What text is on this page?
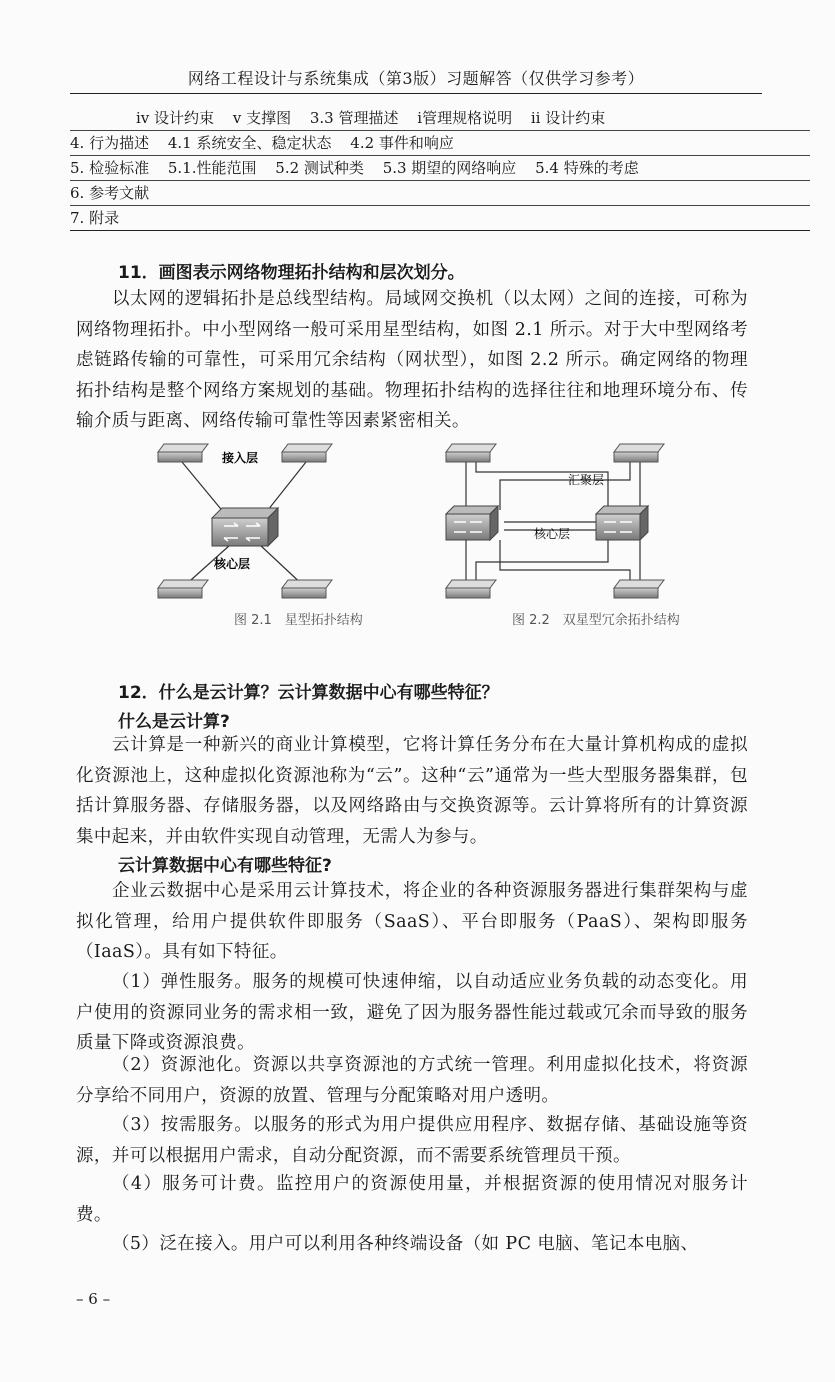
网络工程设计与系统集成（第3版）习题解答（仅供学习参考）
ⅳ 设计约束 ⅴ 支撑图 3.3 管理描述 ⅰ管理规格说明 ⅱ 设计约束
4. 行为描述 4.1 系统安全、稳定状态 4.2 事件和响应
5. 检验标准 5.1.性能范围 5.2 测试种类 5.3 期望的网络响应 5.4 特殊的考虑
6. 参考文献
7. 附录
11．画图表示网络物理拓扑结构和层次划分。
以太网的逻辑拓扑是总线型结构。局域网交换机（以太网）之间的连接，可称为网络物理拓扑。中小型网络一般可采用星型结构，如图 2.1 所示。对于大中型网络考虑链路传输的可靠性，可采用冗余结构（网状型），如图 2.2 所示。确定网络的物理拓扑结构是整个网络方案规划的基础。物理拓扑结构的选择往往和地理环境分布、传输介质与距离、网络传输可靠性等因素紧密相关。
接入层
核心层
图 2.1　星型拓扑结构
汇聚层
核心层
图 2.2　双星型冗余拓扑结构
12．什么是云计算？云计算数据中心有哪些特征？
什么是云计算?
云计算是一种新兴的商业计算模型，它将计算任务分布在大量计算机构成的虚拟化资源池上，这种虚拟化资源池称为“云”。这种“云”通常为一些大型服务器集群，包括计算服务器、存储服务器，以及网络路由与交换资源等。云计算将所有的计算资源集中起来，并由软件实现自动管理，无需人为参与。
云计算数据中心有哪些特征?
企业云数据中心是采用云计算技术，将企业的各种资源服务器进行集群架构与虚拟化管理，给用户提供软件即服务（SaaS）、平台即服务（PaaS）、架构即服务（IaaS）。具有如下特征。
（1）弹性服务。服务的规模可快速伸缩，以自动适应业务负载的动态变化。用户使用的资源同业务的需求相一致，避免了因为服务器性能过载或冗余而导致的服务质量下降或资源浪费。
（2）资源池化。资源以共享资源池的方式统一管理。利用虚拟化技术，将资源分享给不同用户，资源的放置、管理与分配策略对用户透明。
（3）按需服务。以服务的形式为用户提供应用程序、数据存储、基础设施等资源，并可以根据用户需求，自动分配资源，而不需要系统管理员干预。
（4）服务可计费。监控用户的资源使用量，并根据资源的使用情况对服务计费。
（5）泛在接入。用户可以利用各种终端设备（如 PC 电脑、笔记本电脑、
– 6 –
